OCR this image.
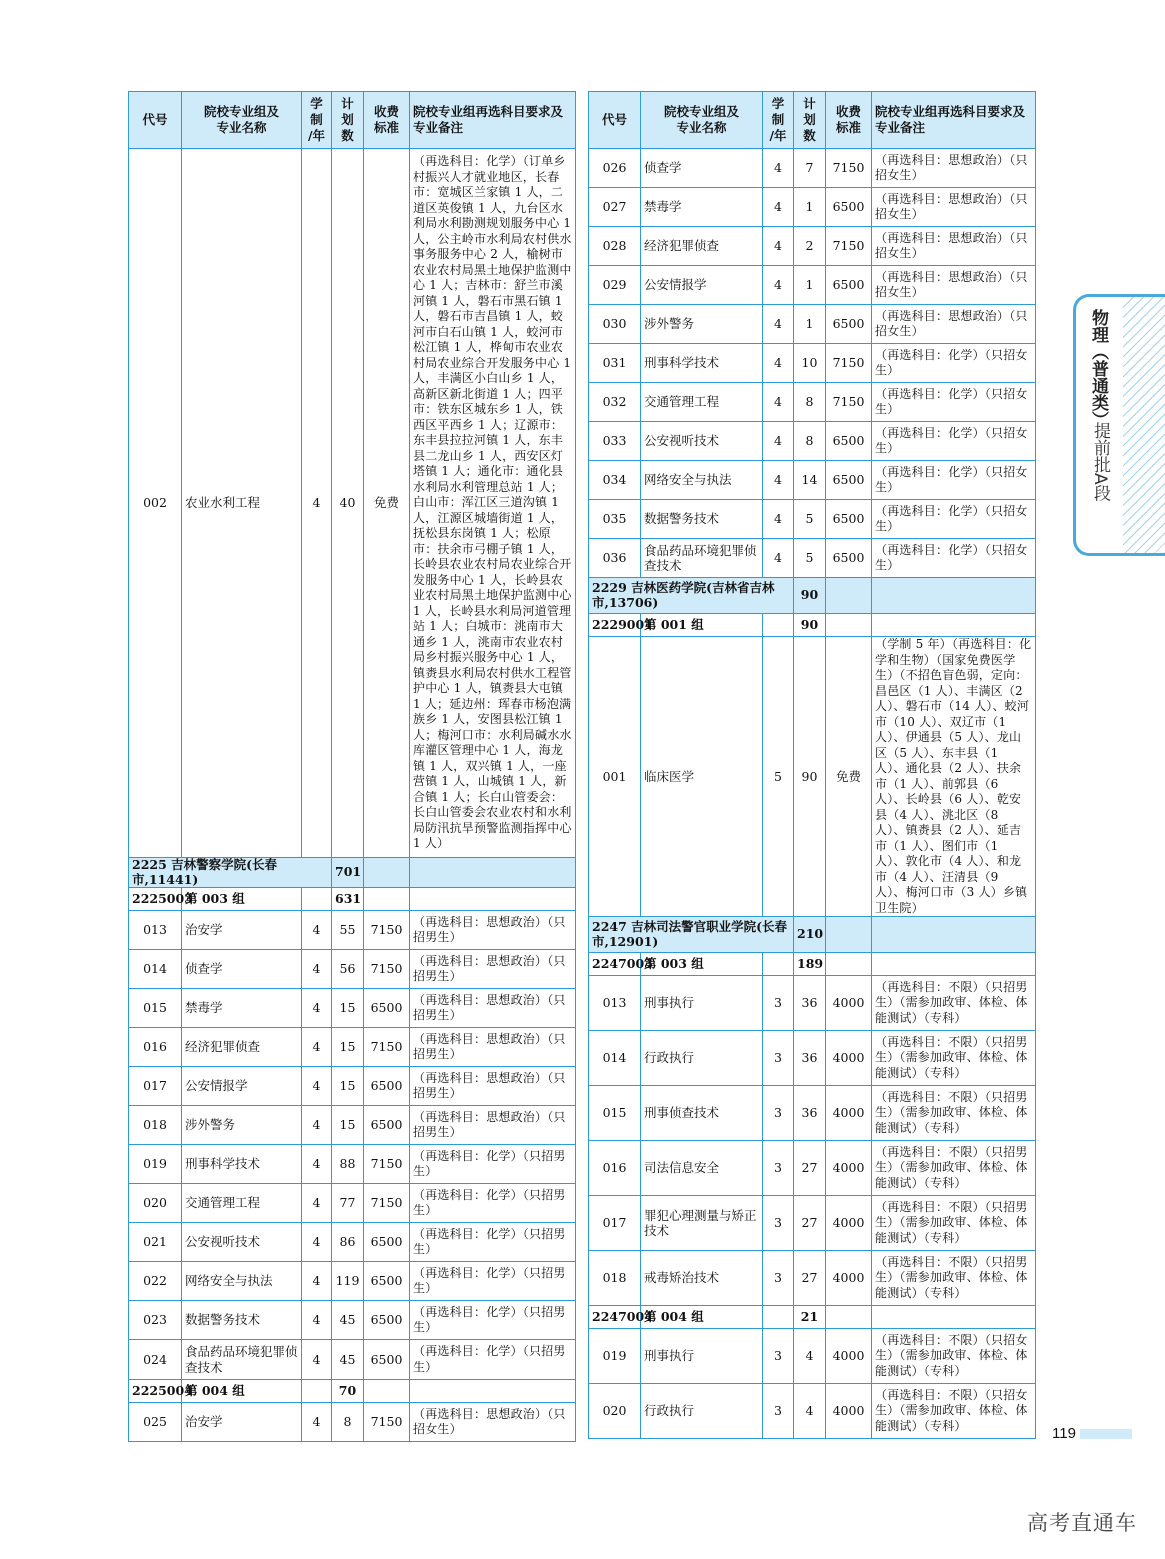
代号	院校专业组及
专业名称	学
制
/年	计
划
数	收费
标准	院校专业组再选科目要求及
专业备注
002	农业水利工程	4	40	免费	（再选科目：化学）（订单乡村振兴人才就业地区，长春市：宽城区兰家镇 1 人，二道区英俊镇 1 人，九台区水利局水利勘测规划服务中心 1 人，公主岭市水利局农村供水事务服务中心 2 人，榆树市农业农村局黑土地保护监测中心 1 人；吉林市：舒兰市溪河镇 1 人，磐石市黑石镇 1 人，磐石市吉昌镇 1 人，蛟河市白石山镇 1 人，蛟河市松江镇 1 人，桦甸市农业农村局农业综合开发服务中心 1 人，丰满区小白山乡 1 人，高新区新北街道 1 人；四平市：铁东区城东乡 1 人，铁西区平西乡 1 人；辽源市：东丰县拉拉河镇 1 人，东丰县二龙山乡 1 人，西安区灯塔镇 1 人；通化市：通化县水利局水利管理总站 1 人；白山市：浑江区三道沟镇 1 人，江源区城墙街道 1 人，抚松县东岗镇 1 人；松原市：扶余市弓棚子镇 1 人，长岭县农业农村局农业综合开发服务中心 1 人，长岭县农业农村局黑土地保护监测中心 1 人，长岭县水利局河道管理站 1 人；白城市：洮南市大通乡 1 人，洮南市农业农村局乡村振兴服务中心 1 人，镇赉县水利局农村供水工程管护中心 1 人，镇赉县大屯镇 1 人；延边州：珲春市杨泡满族乡 1 人，安图县松江镇 1 人；梅河口市：水利局碱水水库灌区管理中心 1 人，海龙镇 1 人，双兴镇 1 人，一座营镇 1 人，山城镇 1 人，新合镇 1 人；长白山管委会：长白山管委会农业农村和水利局防汛抗旱预警监测指挥中心 1 人）
2225 吉林警察学院(长春市,11441)			701		
2225003	第 003 组		631		
013	治安学	4	55	7150	（再选科目：思想政治）（只招男生）
014	侦查学	4	56	7150	（再选科目：思想政治）（只招男生）
015	禁毒学	4	15	6500	（再选科目：思想政治）（只招男生）
016	经济犯罪侦查	4	15	7150	（再选科目：思想政治）（只招男生）
017	公安情报学	4	15	6500	（再选科目：思想政治）（只招男生）
018	涉外警务	4	15	6500	（再选科目：思想政治）（只招男生）
019	刑事科学技术	4	88	7150	（再选科目：化学）（只招男生）
020	交通管理工程	4	77	7150	（再选科目：化学）（只招男生）
021	公安视听技术	4	86	6500	（再选科目：化学）（只招男生）
022	网络安全与执法	4	119	6500	（再选科目：化学）（只招男生）
023	数据警务技术	4	45	6500	（再选科目：化学）（只招男生）
024	食品药品环境犯罪侦查技术	4	45	6500	（再选科目：化学）（只招男生）
2225004	第 004 组		70		
025	治安学	4	8	7150	（再选科目：思想政治）（只招女生）
代号	院校专业组及
专业名称	学
制
/年	计
划
数	收费
标准	院校专业组再选科目要求及
专业备注
026	侦查学	4	7	7150	（再选科目：思想政治）（只招女生）
027	禁毒学	4	1	6500	（再选科目：思想政治）（只招女生）
028	经济犯罪侦查	4	2	7150	（再选科目：思想政治）（只招女生）
029	公安情报学	4	1	6500	（再选科目：思想政治）（只招女生）
030	涉外警务	4	1	6500	（再选科目：思想政治）（只招女生）
031	刑事科学技术	4	10	7150	（再选科目：化学）（只招女生）
032	交通管理工程	4	8	7150	（再选科目：化学）（只招女生）
033	公安视听技术	4	8	6500	（再选科目：化学）（只招女生）
034	网络安全与执法	4	14	6500	（再选科目：化学）（只招女生）
035	数据警务技术	4	5	6500	（再选科目：化学）（只招女生）
036	食品药品环境犯罪侦查技术	4	5	6500	（再选科目：化学）（只招女生）
2229 吉林医药学院(吉林省吉林市,13706)			90		
2229001	第 001 组		90		
001	临床医学	5	90	免费	（学制 5 年）（再选科目：化学和生物）（国家免费医学生）（不招色盲色弱，定向：昌邑区（1 人）、丰满区（2 人）、磐石市（14 人）、蛟河市（10 人）、双辽市（1 人）、伊通县（5 人）、龙山区（5 人）、东丰县（1 人）、通化县（2 人）、扶余市（1 人）、前郭县（6 人）、长岭县（6 人）、乾安县（4 人）、洮北区（8 人）、镇赉县（2 人）、延吉市（1 人）、图们市（1 人）、敦化市（4 人）、和龙市（4 人）、汪清县（9 人）、梅河口市（3 人）乡镇卫生院）
2247 吉林司法警官职业学院(长春市,12901)			210		
2247003	第 003 组		189		
013	刑事执行	3	36	4000	（再选科目：不限）（只招男生）（需参加政审、体检、体能测试）（专科）
014	行政执行	3	36	4000	（再选科目：不限）（只招男生）（需参加政审、体检、体能测试）（专科）
015	刑事侦查技术	3	36	4000	（再选科目：不限）（只招男生）（需参加政审、体检、体能测试）（专科）
016	司法信息安全	3	27	4000	（再选科目：不限）（只招男生）（需参加政审、体检、体能测试）（专科）
017	罪犯心理测量与矫正技术	3	27	4000	（再选科目：不限）（只招男生）（需参加政审、体检、体能测试）（专科）
018	戒毒矫治技术	3	27	4000	（再选科目：不限）（只招男生）（需参加政审、体检、体能测试）（专科）
2247004	第 004 组		21		
019	刑事执行	3	4	4000	（再选科目：不限）（只招女生）（需参加政审、体检、体能测试）（专科）
020	行政执行	3	4	4000	（再选科目：不限）（只招女生）（需参加政审、体检、体能测试）（专科）
物理（普通类）
提前批A段
119
高考直通车
